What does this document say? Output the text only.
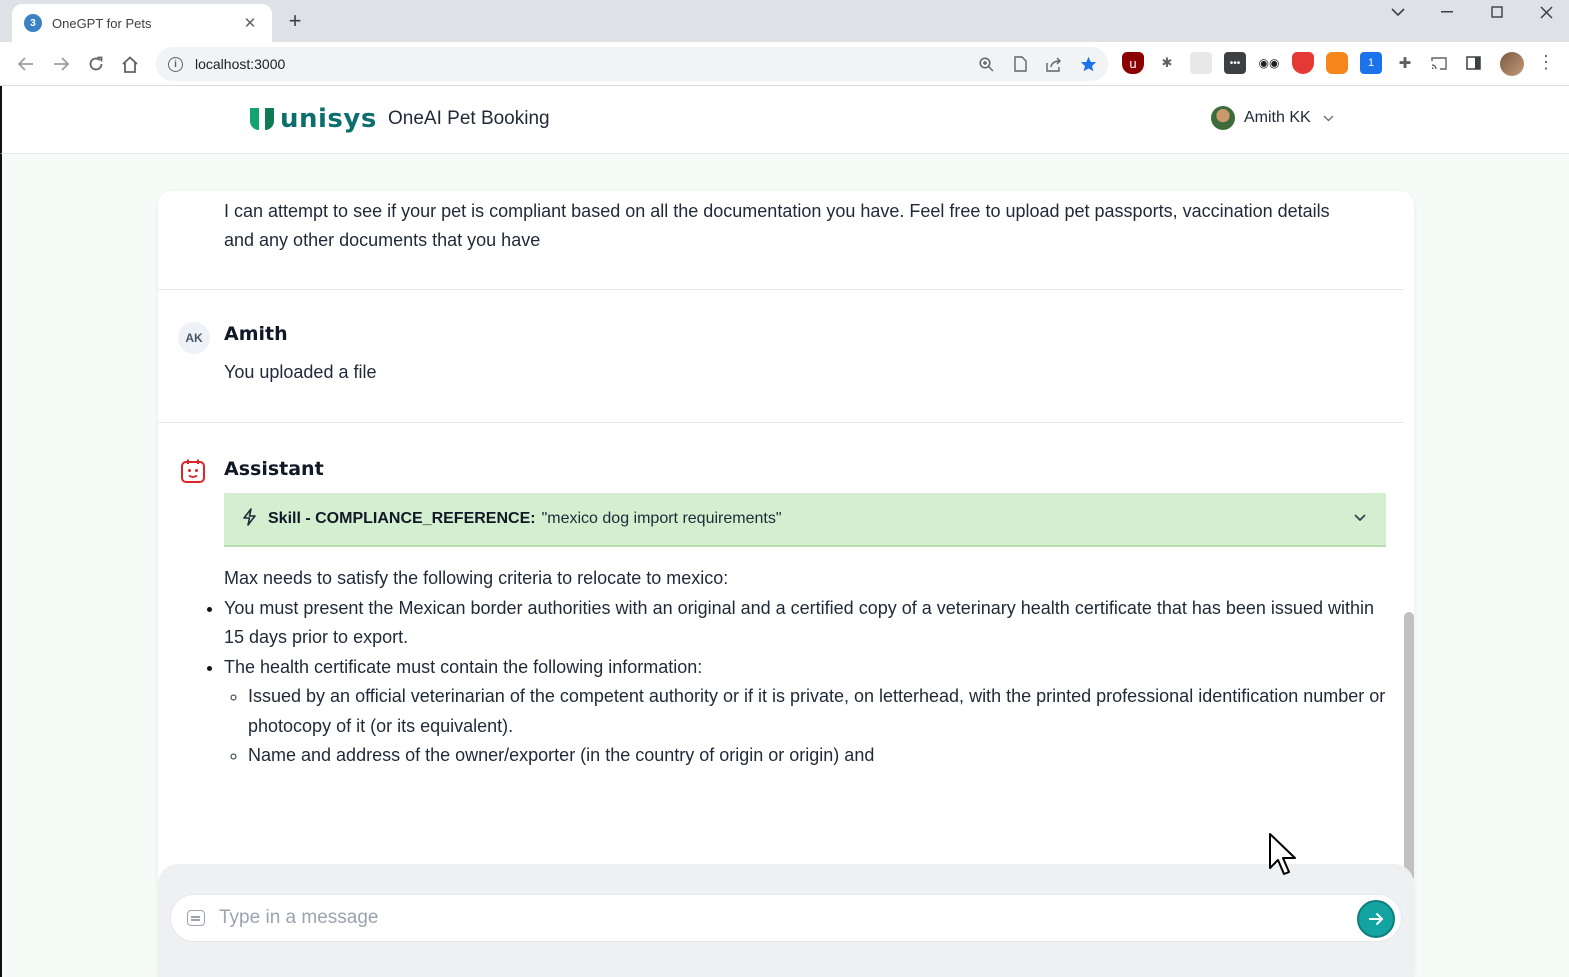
3	OneGPT for Pets	✕ +
i	localhost:3000	u	✱	•••	◉◉	1	✚	⋮
unisys OneAI Pet Booking	Amith KK

I can attempt to see if your pet is compliant based on all the documentation you have. Feel free to upload pet passports, vaccination details and any other documents that you have

AK	Amith

You uploaded a file

Assistant
Skill - COMPLIANCE_REFERENCE: "mexico dog import requirements"

Max needs to satisfy the following criteria to relocate to mexico:

• You must present the Mexican border authorities with an original and a certified copy of a veterinary health certificate that has been issued within 15 days prior to export.
• The health certificate must contain the following information:
◦ Issued by an official veterinarian of the competent authority or if it is private, on letterhead, with the printed professional identification number or photocopy of it (or its equivalent).
◦ Name and address of the owner/exporter (in the country of origin or origin) and
Type in a message
